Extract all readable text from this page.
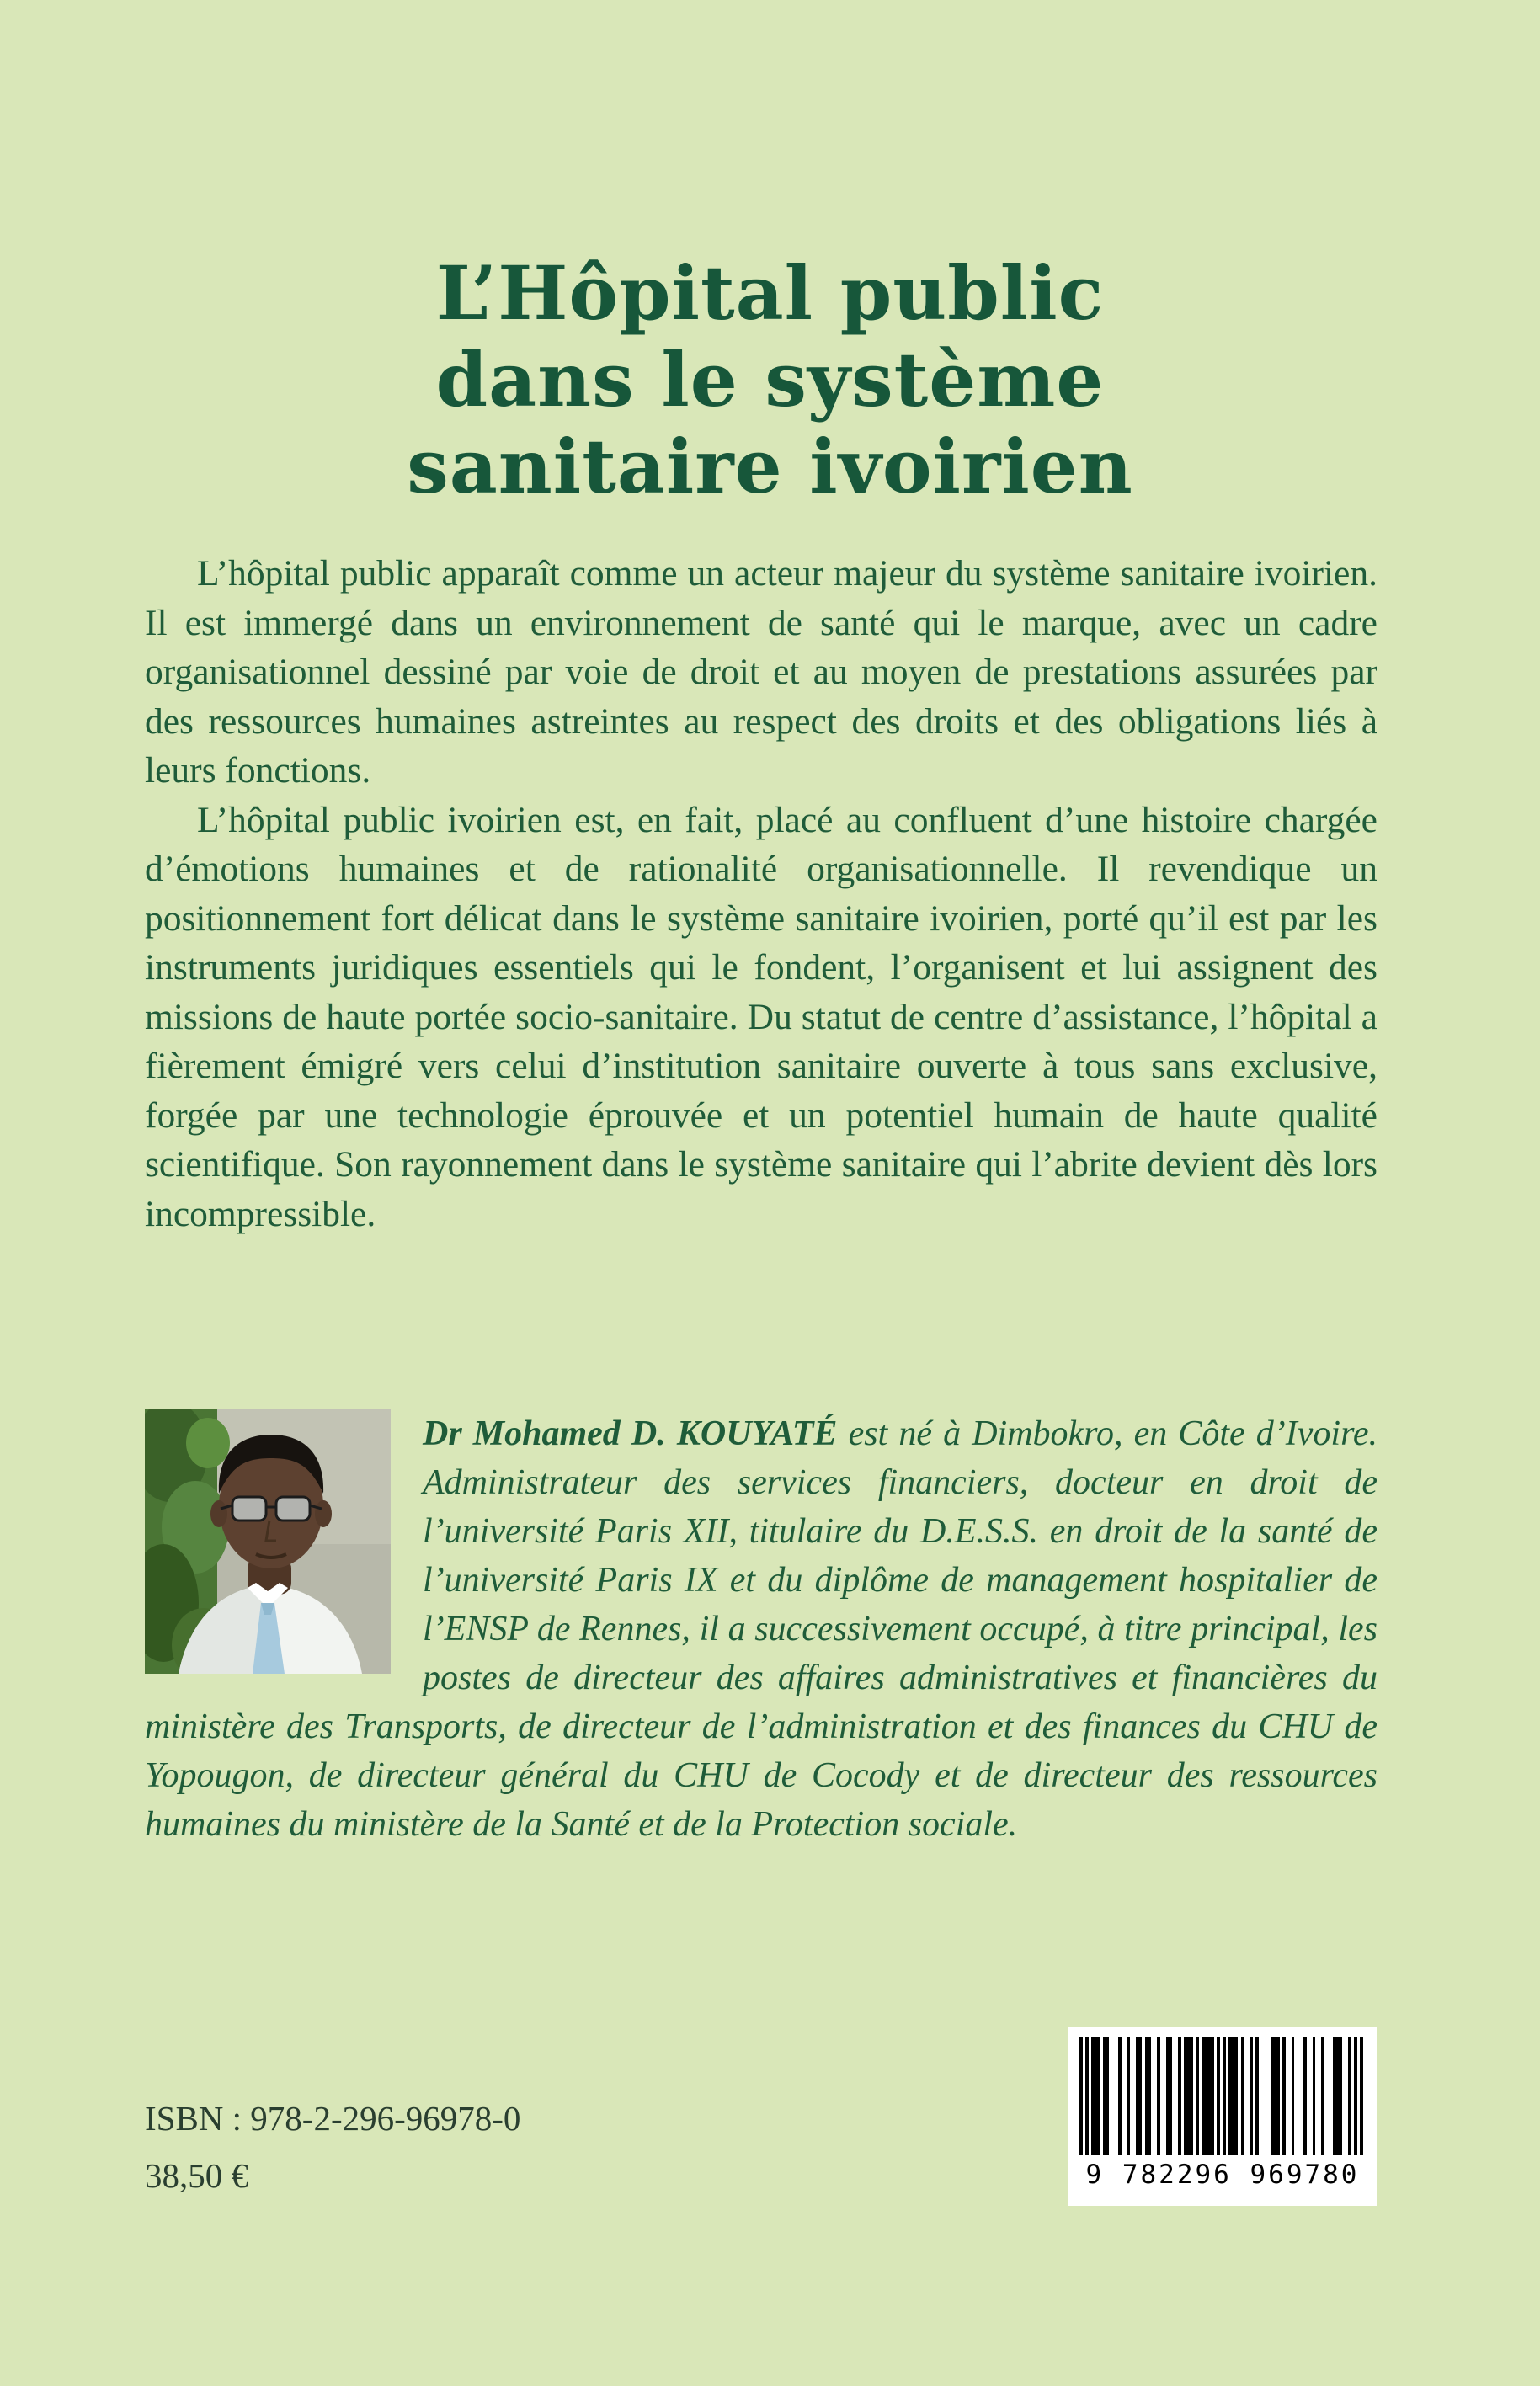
L’Hôpital public
dans le système
sanitaire ivoirien

L’hôpital public apparaît comme un acteur majeur du système sanitaire ivoirien. Il est immergé dans un environnement de santé qui le marque, avec un cadre organisationnel dessiné par voie de droit et au moyen de prestations assurées par des ressources humaines astreintes au respect des droits et des obligations liés à leurs fonctions.

L’hôpital public ivoirien est, en fait, placé au confluent d’une histoire chargée d’émotions humaines et de rationalité organisationnelle. Il revendique un positionnement fort délicat dans le système sanitaire ivoirien, porté qu’il est par les instruments juridiques essentiels qui le fondent, l’organisent et lui assignent des missions de haute portée socio-sanitaire. Du statut de centre d’assistance, l’hôpital a fièrement émigré vers celui d’institution sanitaire ouverte à tous sans exclusive, forgée par une technologie éprouvée et un potentiel humain de haute qualité scientifique. Son rayonnement dans le système sanitaire qui l’abrite devient dès lors incompressible.

Dr Mohamed D. KOUYATÉ est né à Dimbokro, en Côte d’Ivoire. Administrateur des services financiers, docteur en droit de l’université Paris XII, titulaire du D.E.S.S. en droit de la santé de l’université Paris IX et du diplôme de management hospitalier de l’ENSP de Rennes, il a successivement occupé, à titre principal, les postes de directeur des affaires administratives et financières du ministère des Transports, de directeur de l’administration et des finances du CHU de Yopougon, de directeur général du CHU de Cocody et de directeur des ressources humaines du ministère de la Santé et de la Protection sociale.

ISBN : 978-2-296-96978-0
38,50 €	9 782296 969780
